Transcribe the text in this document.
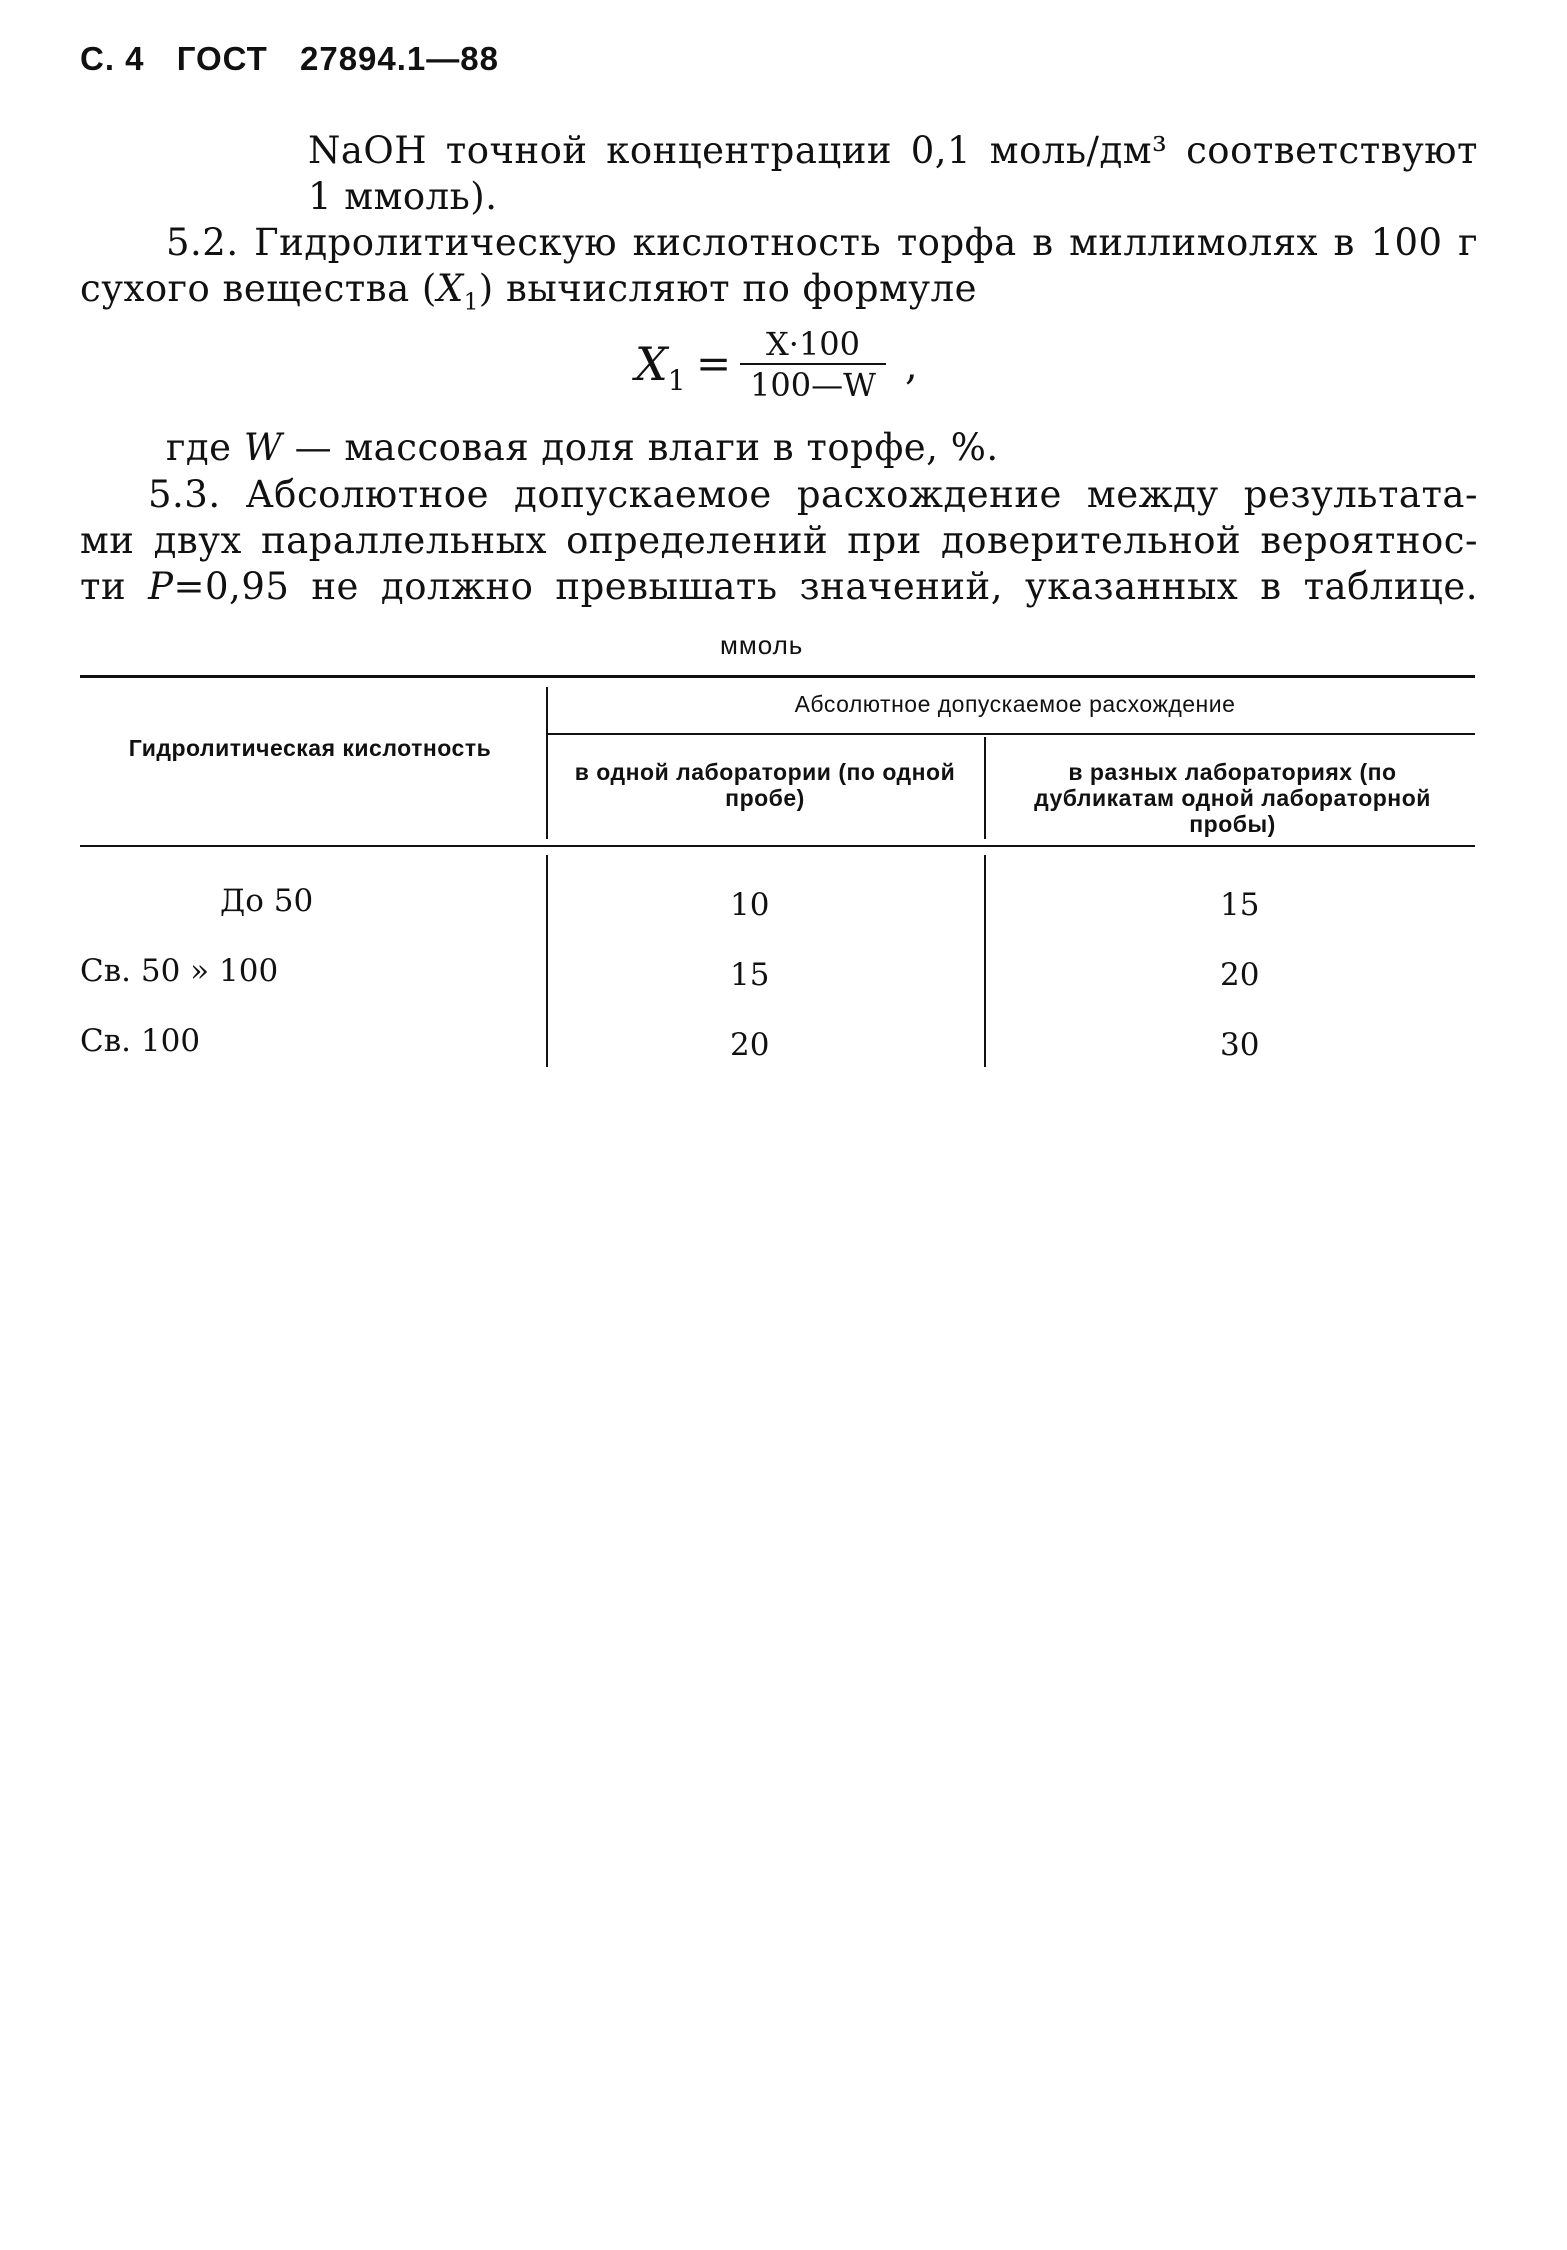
С. 4 ГОСТ 27894.1—88
NaOH точной концентрации 0,1 моль/дм³ соответствуют
1 ммоль).
5.2. Гидролитическую кислотность торфа в миллимолях в 100 г
сухого вещества $(X_1)$ вычисляют по формуле
$X_1$ =	X·100
100—W ,
где W — массовая доля влаги в торфе, %.
5.3. Абсолютное допускаемое расхождение между результата-
ми двух параллельных определений при доверительной вероятнос-
ти P=0,95 не должно превышать значений, указанных в таблице.
ммоль
Гидролитическая кислотность
Абсолютное допускаемое расхождение
в одной лаборатории (по одной пробе)
в разных лабораториях (по дубликатам одной лабораторной пробы)
До 50	10	15
Св. 50 » 100	15	20
Св. 100	20	30
